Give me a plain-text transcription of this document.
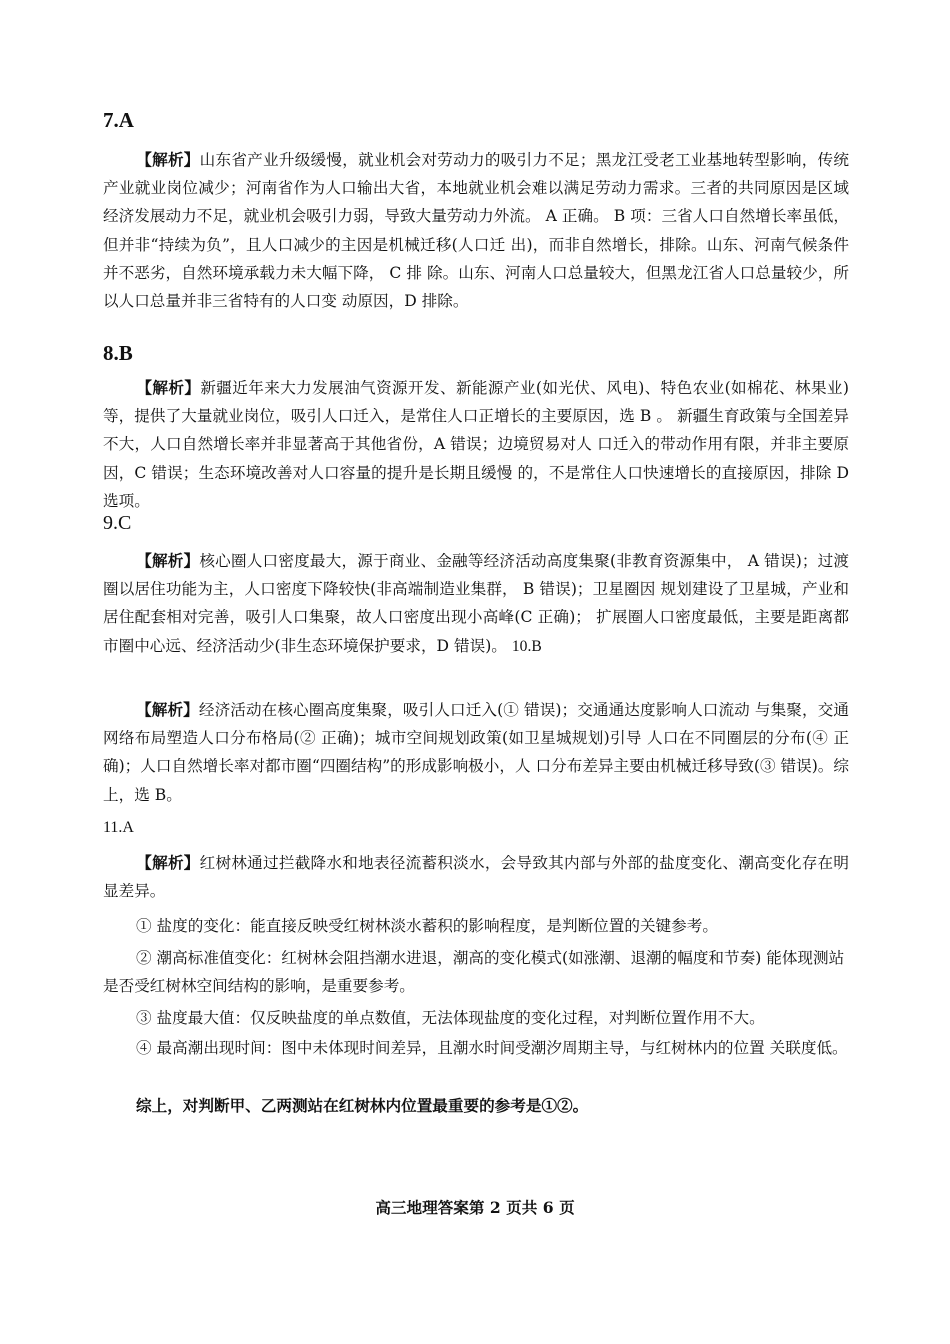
7.A

【解析】山东省产业升级缓慢，就业机会对劳动力的吸引力不足；黑龙江受老工业基地转型影响，传统产业就业岗位减少；河南省作为人口输出大省，本地就业机会难以满足劳动力需求。三者的共同原因是区域经济发展动力不足，就业机会吸引力弱，导致大量劳动力外流。 A 正确。 B 项：三省人口自然增长率虽低，但并非“持续为负”，且人口减少的主因是机械迁移(人口迁 出)，而非自然增长，排除。山东、河南气候条件并不恶劣，自然环境承载力未大幅下降， C 排 除。山东、河南人口总量较大，但黑龙江省人口总量较少，所以人口总量并非三省特有的人口变 动原因，D 排除。

8.B

【解析】新疆近年来大力发展油气资源开发、新能源产业(如光伏、风电)、特色农业(如棉花、林果业)等，提供了大量就业岗位，吸引人口迁入，是常住人口正增长的主要原因，选 B 。 新疆生育政策与全国差异不大，人口自然增长率并非显著高于其他省份，A 错误；边境贸易对人 口迁入的带动作用有限，并非主要原因，C 错误；生态环境改善对人口容量的提升是长期且缓慢 的，不是常住人口快速增长的直接原因，排除 D 选项。

9.C

【解析】核心圈人口密度最大，源于商业、金融等经济活动高度集聚(非教育资源集中， A 错误)；过渡圈以居住功能为主，人口密度下降较快(非高端制造业集群， B 错误)；卫星圈因 规划建设了卫星城，产业和居住配套相对完善，吸引人口集聚，故人口密度出现小高峰(C 正确)； 扩展圈人口密度最低，主要是距离都市圈中心远、经济活动少(非生态环境保护要求，D 错误)。 10.B

【解析】经济活动在核心圈高度集聚，吸引人口迁入(① 错误)；交通通达度影响人口流动 与集聚，交通网络布局塑造人口分布格局(② 正确)；城市空间规划政策(如卫星城规划)引导 人口在不同圈层的分布(④ 正确)；人口自然增长率对都市圈“四圈结构”的形成影响极小，人 口分布差异主要由机械迁移导致(③ 错误)。综上，选 B。

11.A

【解析】红树林通过拦截降水和地表径流蓄积淡水，会导致其内部与外部的盐度变化、潮高变化存在明显差异。

① 盐度的变化：能直接反映受红树林淡水蓄积的影响程度，是判断位置的关键参考。

② 潮高标准值变化：红树林会阻挡潮水进退，潮高的变化模式(如涨潮、退潮的幅度和节奏) 能体现测站是否受红树林空间结构的影响，是重要参考。

③ 盐度最大值：仅反映盐度的单点数值，无法体现盐度的变化过程，对判断位置作用不大。

④ 最高潮出现时间：图中未体现时间差异，且潮水时间受潮汐周期主导，与红树林内的位置 关联度低。

综上，对判断甲、乙两测站在红树林内位置最重要的参考是①②。
高三地理答案第 2 页共 6 页
